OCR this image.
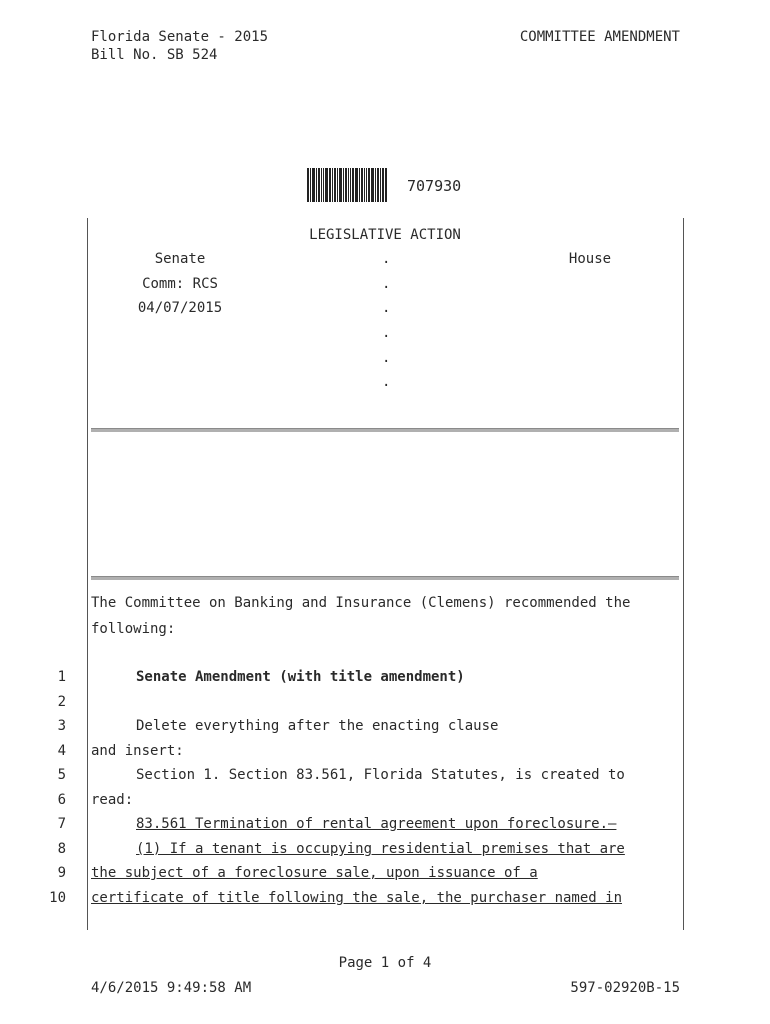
Florida Senate - 2015
Bill No. SB 524
COMMITTEE AMENDMENT
707930
LEGISLATIVE ACTION
Senate
Comm: RCS
04/07/2015
.
.
.
.
.
.
House
The Committee on Banking and Insurance (Clemens) recommended the
following:
1	Senate Amendment (with title amendment)
2
3	Delete everything after the enacting clause
4 and insert:
5	Section 1. Section 83.561, Florida Statutes, is created to
6 read:
7	83.561 Termination of rental agreement upon foreclosure.—
8	(1) If a tenant is occupying residential premises that are
9 the subject of a foreclosure sale, upon issuance of a
10 certificate of title following the sale, the purchaser named in
Page 1 of 4
4/6/2015 9:49:58 AM	597-02920B-15
